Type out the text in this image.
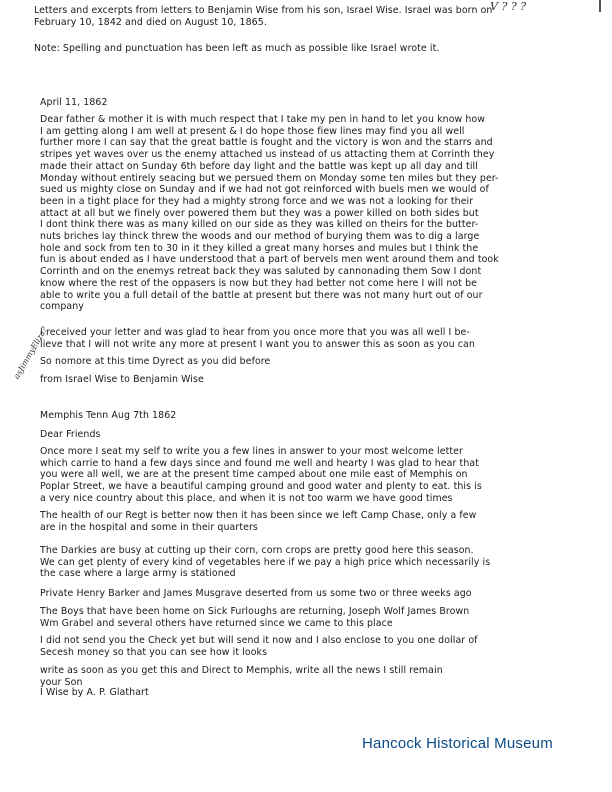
Letters and excerpts from letters to Benjamin Wise from his son, Israel Wise. Israel was born on
February 10, 1842 and died on August 10, 1865.
Note: Spelling and punctuation has been left as much as possible like Israel wrote it.
V ? ? ?
April 11, 1862
Dear father & mother it is with much respect that I take my pen in hand to let you know how
I am getting along I am well at present & I do hope those fiew lines may find you all well
further more I can say that the great battle is fought and the victory is won and the starrs and
stripes yet waves over us the enemy attached us instead of us attacting them at Corrinth they
made their attact on Sunday 6th before day light and the battle was kept up all day and till
Monday without entirely seacing but we persued them on Monday some ten miles but they per-
sued us mighty close on Sunday and if we had not got reinforced with buels men we would of
been in a tight place for they had a mighty strong force and we was not a looking for their
attact at all but we finely over powered them but they was a power killed on both sides but
I dont think there was as many killed on our side as they was killed on theirs for the butter-
nuts briches lay thinck threw the woods and our method of burying them was to dig a large
hole and sock from ten to 30 in it they killed a great many horses and mules but I think the
fun is about ended as I have understood that a part of bervels men went around them and took
Corrinth and on the enemys retreat back they was saluted by cannonading them Sow I dont
know where the rest of the oppasers is now but they had better not come here I will not be
able to write you a full detail of the battle at present but there was not many hurt out of our
company
I received your letter and was glad to hear from you once more that you was all well I be-
lieve that I will not write any more at present I want you to answer this as soon as you can
So nomore at this time Dyrect as you did before
from Israel Wise to Benjamin Wise
asJimmyEliza?
Memphis Tenn Aug 7th 1862
Dear Friends
Once more I seat my self to write you a few lines in answer to your most welcome letter
which carrie to hand a few days since and found me well and hearty I was glad to hear that
you were all well, we are at the present time camped about one mile east of Memphis on
Poplar Street, we have a beautiful camping ground and good water and plenty to eat. this is
a very nice country about this place, and when it is not too warm we have good times
The health of our Regt is better now then it has been since we left Camp Chase, only a few
are in the hospital and some in their quarters
The Darkies are busy at cutting up their corn, corn crops are pretty good here this season.
We can get plenty of every kind of vegetables here if we pay a high price which necessarily is
the case where a large army is stationed
Private Henry Barker and James Musgrave deserted from us some two or three weeks ago
The Boys that have been home on Sick Furloughs are returning, Joseph Wolf James Brown
Wm Grabel and several others have returned since we came to this place
I did not send you the Check yet but will send it now and I also enclose to you one dollar of
Secesh money so that you can see how it looks
write as soon as you get this and Direct to Memphis, write all the news I still remain
your Son
I Wise by A. P. Glathart
Hancock Historical Museum
